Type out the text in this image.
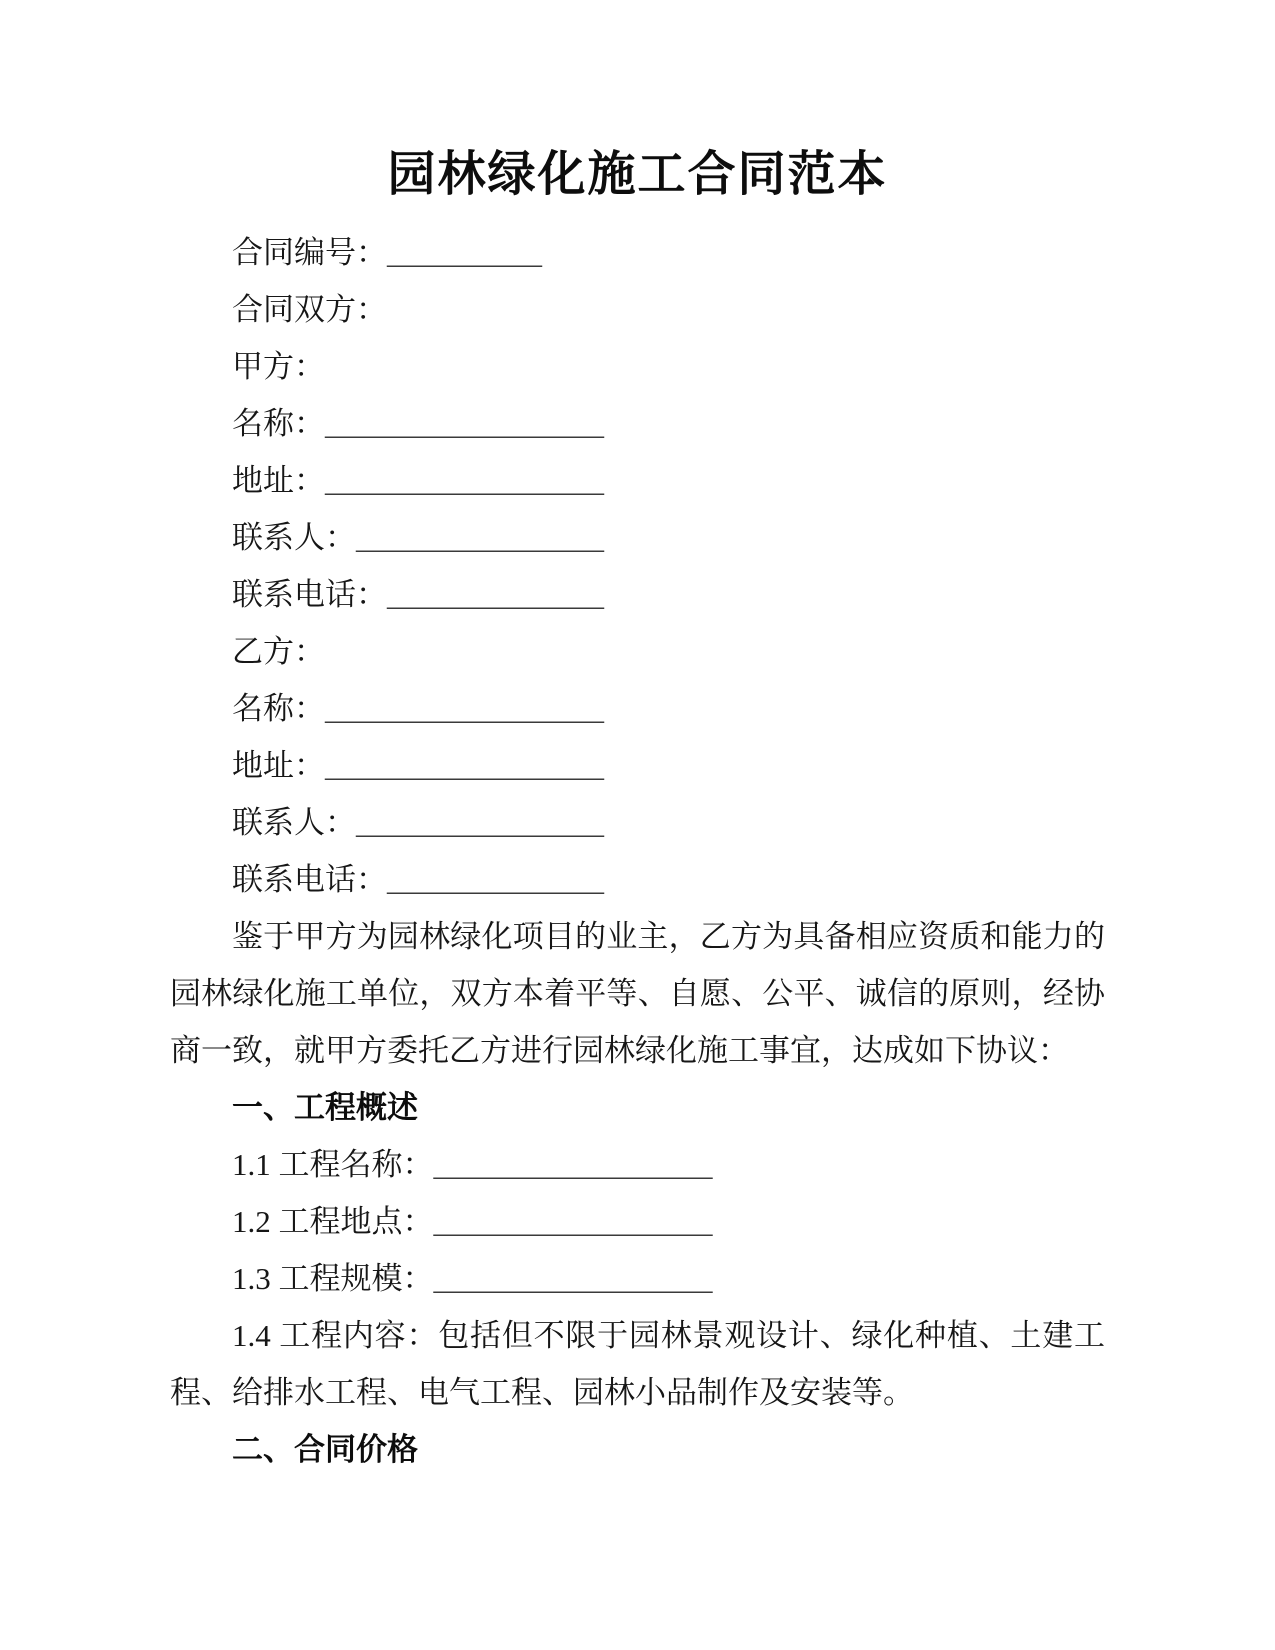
园林绿化施工合同范本
合同编号：__________
合同双方：
甲方：
名称：__________________
地址：__________________
联系人：________________
联系电话：______________
乙方：
名称：__________________
地址：__________________
联系人：________________
联系电话：______________

鉴于甲方为园林绿化项目的业主，乙方为具备相应资质和能力的园林绿化施工单位，双方本着平等、自愿、公平、诚信的原则，经协商一致，就甲方委托乙方进行园林绿化施工事宜，达成如下协议：

一、工程概述
1.1 工程名称：__________________
1.2 工程地点：__________________
1.3 工程规模：__________________

1.4 工程内容：包括但不限于园林景观设计、绿化种植、土建工程、给排水工程、电气工程、园林小品制作及安装等。

二、合同价格
